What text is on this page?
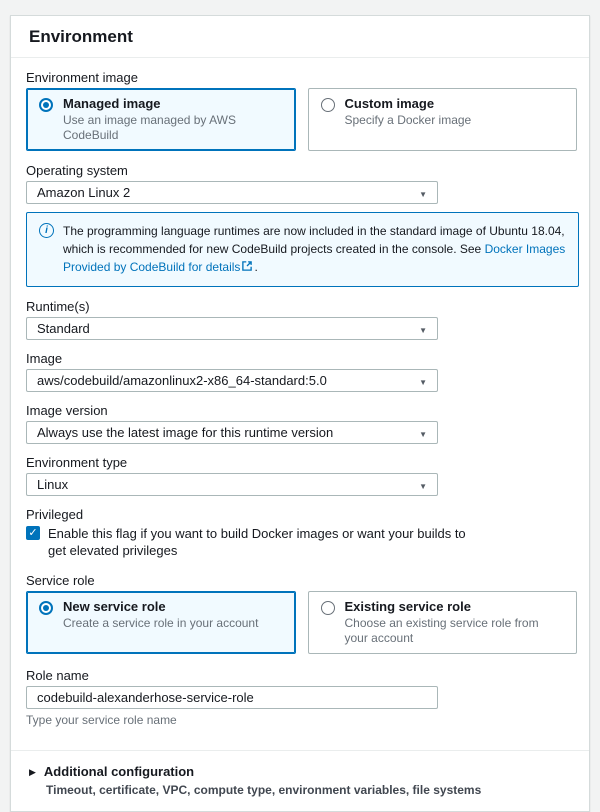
Environment
Environment image
Managed image
Use an image managed by AWS CodeBuild
Custom image
Specify a Docker image
Operating system
Amazon Linux 2
▼
i	The programming language runtimes are now included in the standard image of Ubuntu 18.04, which is recommended for new CodeBuild projects created in the console. See Docker Images Provided by CodeBuild for details .

Runtime(s)
Standard
▼
Image
aws/codebuild/amazonlinux2-x86_64-standard:5.0
▼
Image version
Always use the latest image for this runtime version
▼
Environment type
Linux
▼
Privileged
✓
Enable this flag if you want to build Docker images or want your builds to get elevated privileges
Service role
New service role
Create a service role in your account
Existing service role
Choose an existing service role from your account
Role name
codebuild-alexanderhose-service-role
Type your service role name
▶
Additional configuration
Timeout, certificate, VPC, compute type, environment variables, file systems
